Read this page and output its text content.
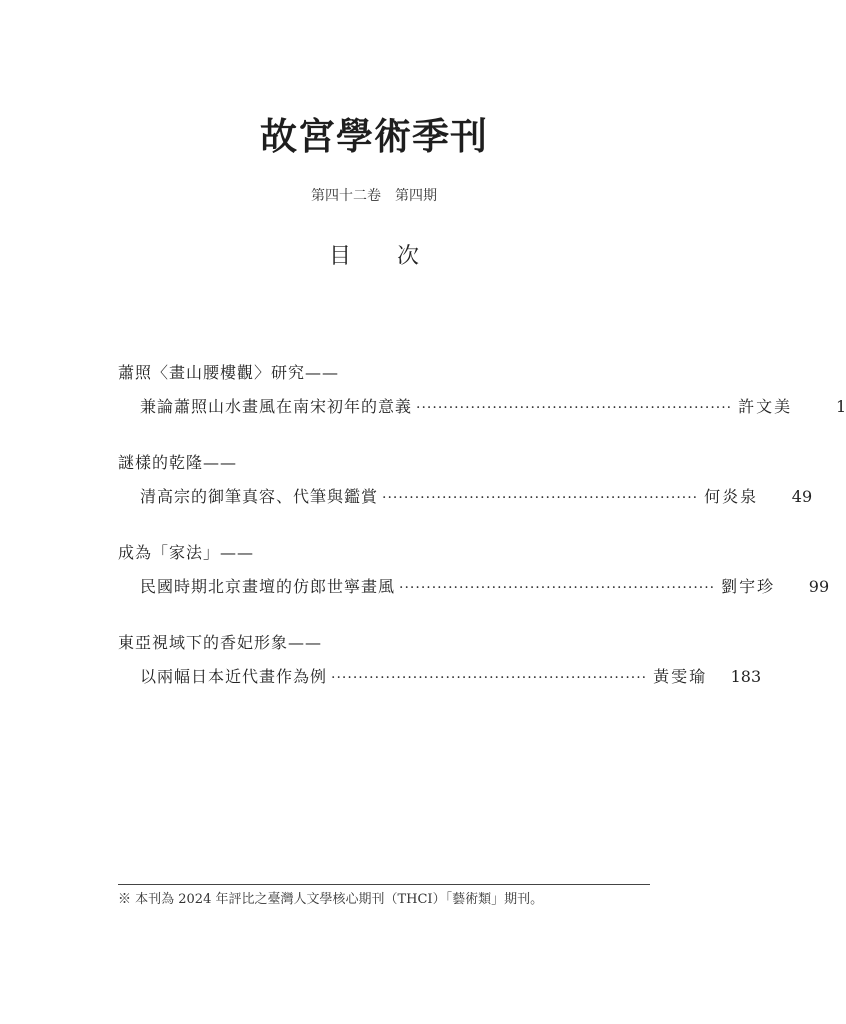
故宮學術季刊
第四十二卷 第四期
目 次
蕭照〈畫山腰樓觀〉研究——
兼論蕭照山水畫風在南宋初年的意義 ·························································· 許文美	1
謎樣的乾隆——
清高宗的御筆真容、代筆與鑑賞 ·························································· 何炎泉	49
成為「家法」——
民國時期北京畫壇的仿郎世寧畫風 ·························································· 劉宇珍	99
東亞視域下的香妃形象——
以兩幅日本近代畫作為例 ·························································· 黃雯瑜	183
※ 本刊為 2024 年評比之臺灣人文學核心期刊（THCI）「藝術類」期刊。
